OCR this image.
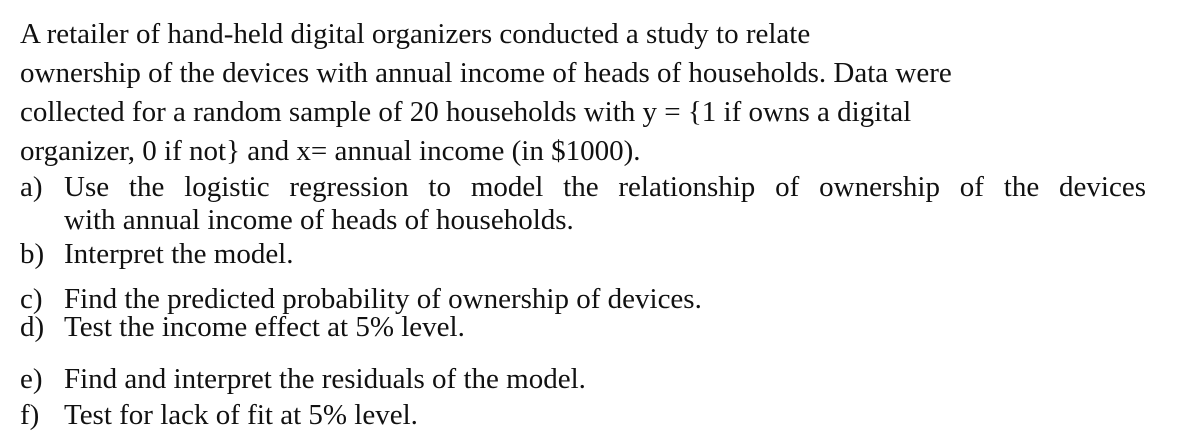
A retailer of hand-held digital organizers conducted a study to relate
ownership of the devices with annual income of heads of households. Data were
collected for a random sample of 20 households with y = {1 if owns a digital
organizer, 0 if not} and x= annual income (in $1000).
a) Use the logistic regression to model the relationship of ownership of the devices
with annual income of heads of households.
b) Interpret the model.
c) Find the predicted probability of ownership of devices.
d) Test the income effect at 5% level.
e) Find and interpret the residuals of the model.
f) Test for lack of fit at 5% level.
